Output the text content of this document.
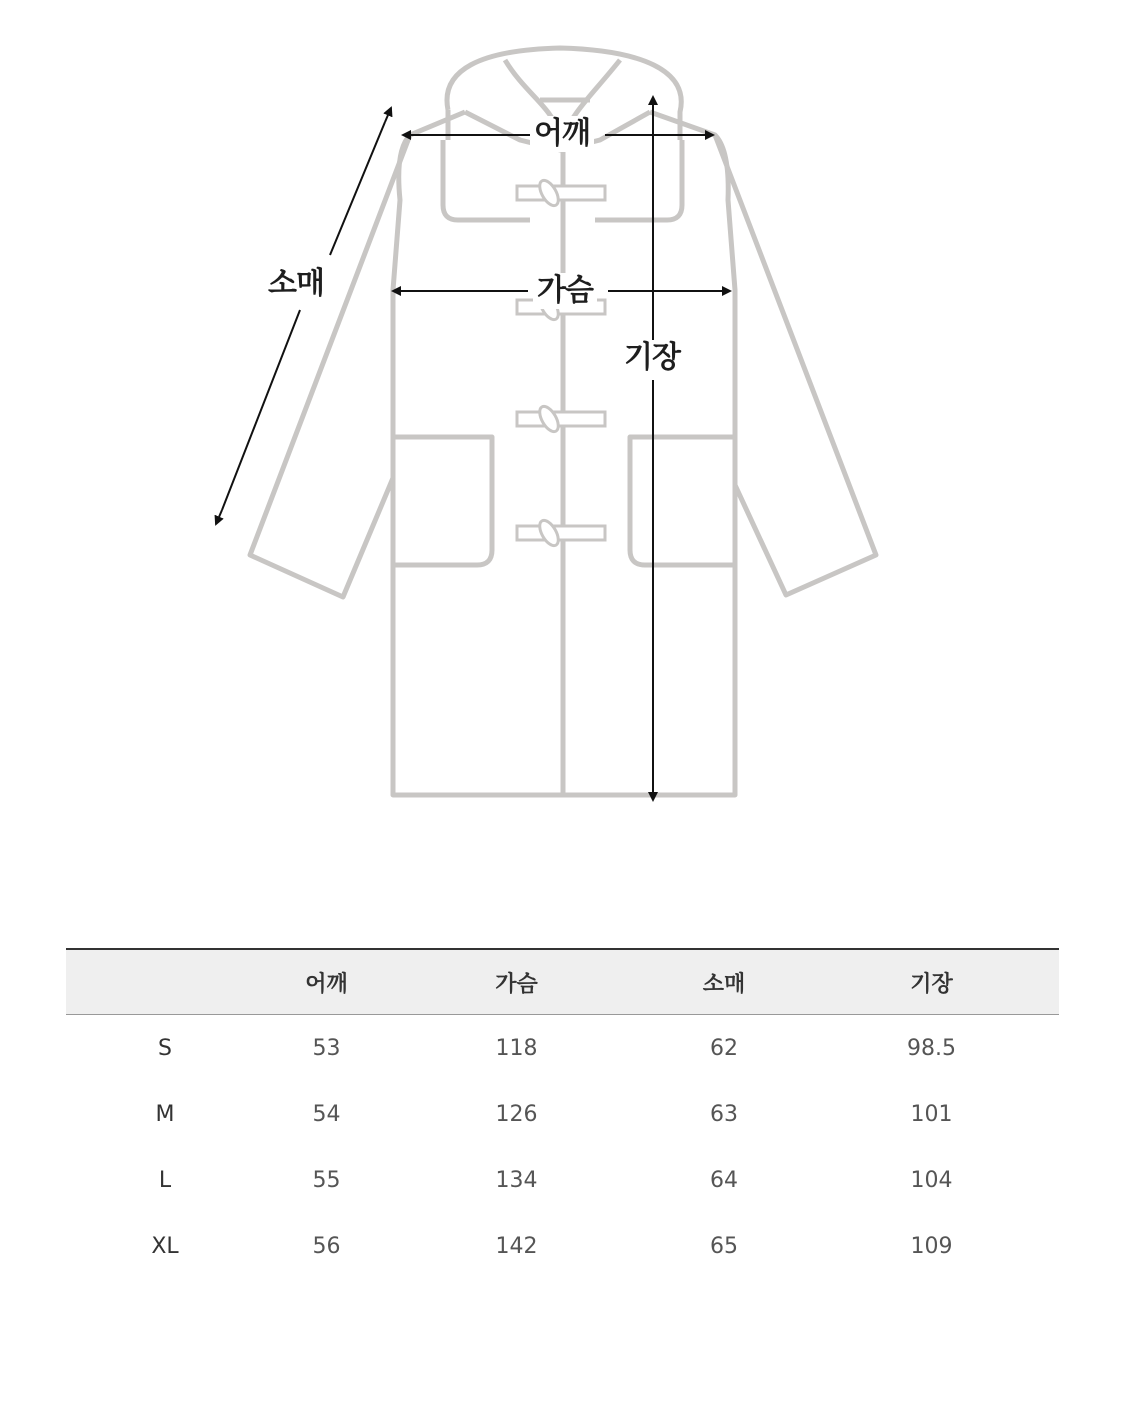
어깨
가슴
소매
기장
	어깨	가슴	소매	기장
S	53	118	62	98.5
M	54	126	63	101
L	55	134	64	104
XL	56	142	65	109
